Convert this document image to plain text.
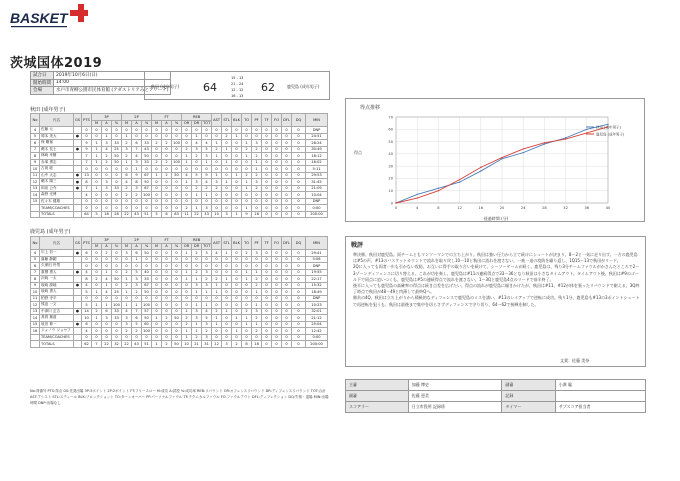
BASKET
茨城国体2019
試合日	2019年10月6日(日)
開始時間	14:00
会場	水戸市青柳公園市民体育館 (アダストリアみとアリーナ)
秋田 (成年男子) 64
15 - 13
21 - 24
12 - 12
16 - 13
62	鹿児島 (成年男子)
秋田 (成年男子)
No	氏名	GS	PTS	3P			2P			FT			REB			AST	STL	BLK	TO	PF	TF	FO	DFL	DQ	MIN
				M	A	%	M	A	%	M	A	%	OR	DR	TOT										
4	佐藤 元		0	0	0	0	0	0	0	0	0	0	0	0	0	0	0	0	0	0	0	0	0	0	DNP
5	岡本 美大	●	0	0	1	0	1	0	0	0	0	0	0	1	0	0	2	1	0	0	0	0	0	0	24:51
6	保 剛郁		9	1	3	33	2	6	33	2	2	100	0	4	4	1	0	0	1	3	0	0	0	0	28:24
7	鵜木 長士	●	9	1	4	25	3	7	43	0	0	0	2	3	5	2	1	0	2	2	0	0	0	0	30:49
8	林崎 幸樹		7	1	2	50	2	4	50	0	0	0	1	2	3	1	0	0	1	2	0	0	0	0	18:12
9	赤塚 勇志		7	1	2	50	1	3	33	2	2	100	1	0	1	0	1	0	0	1	0	0	0	0	16:02
10	古坂 聡		0	0	0	0	0	1	0	0	0	0	0	0	0	0	0	0	0	1	0	0	0	0	5:11
11	山中 大志	●	13	0	0	0	6	9	67	1	2	50	4	5	9	1	0	1	2	2	0	0	0	0	29:53
12	鵜木 陽三	●	8	0	3	0	4	8	50	0	0	0	1	3	4	3	1	0	1	3	0	0	0	0	31:45
13	和泉 公介	●	7	1	3	33	2	3	67	0	0	0	0	2	2	2	0	0	1	2	0	0	0	0	21:09
14	森野 光博		4	0	0	0	2	2	100	0	0	0	0	1	1	0	0	0	0	0	0	0	0	0	10:04
15	佐々木 健雄		0	0	0	0	0	0	0	0	0	0	0	0	0	0	0	0	0	0	0	0	0	0	DNP
	TEAM/COACHES		0	0	0	0	0	0	0	0	0	0	2	1	3	0	0	0	1	0	0	0	0	0	0:00
	TOTALS		64	5	18	28	22	43	51	5	6	83	11	22	33	10	3	1	9	16	0	0	0	0	200:00
鹿児島 (成年男子)
No	氏名	GS	PTS	3P			2P			FT			REB			AST	STL	BLK	TO	PF	TF	FO	DFL	DQ	MIN
				M	A	%	M	A	%	M	A	%	OR	DR	TOT										
4	川上 信一	●	6	0	2	0	3	6	50	0	0	0	1	2	3	4	1	0	2	3	0	0	0	0	29:41
5	落藤 静嗣		0	0	0	0	0	1	0	0	0	0	0	0	0	0	0	0	0	0	0	0	0	0	5:06
6	久保田 玲男		0	0	0	0	0	0	0	0	0	0	0	0	0	0	0	0	0	0	0	0	0	0	DNP
7	重栖 勇人	●	4	0	1	0	2	5	40	0	0	0	1	2	3	0	0	0	1	1	0	0	0	0	19:55
8	沢崎 一太		8	2	4	50	1	3	33	0	0	0	1	1	2	2	1	0	1	2	0	0	0	0	22:17
9	坂崎 源地	●	4	0	1	0	2	3	67	0	0	0	0	3	3	1	0	0	0	2	0	0	0	0	15:32
10	坂崎 勇人		5	1	4	25	1	2	50	0	0	0	0	1	1	1	0	0	0	1	0	0	0	0	18:49
11	柏野 寺平		0	0	0	0	0	0	0	0	0	0	0	0	0	0	0	0	0	0	0	0	0	0	DNP
12	熊迫 一文		5	1	1	100	1	1	100	0	0	0	0	1	1	0	0	0	0	1	0	0	0	0	10:23
13	中津川 玄吉	●	14	2	6	33	4	7	57	0	0	0	1	3	4	2	1	0	2	3	0	0	0	0	32:01
14	髙賀 雄道		10	1	3	33	3	6	50	1	2	50	2	3	5	1	0	1	1	2	0	0	0	0	21:12
15	坂田 伸一	●	6	0	0	0	3	5	60	0	0	0	2	1	3	1	0	0	1	1	0	0	0	0	25:04
16	ジョノウ ジョセフ		4	0	0	0	2	2	100	0	0	0	1	1	2	0	0	1	0	2	0	0	0	0	12:42
	TEAM/COACHES		0	0	0	0	0	0	0	0	0	0	1	2	3	0	0	0	0	0	0	0	0	0	0:00
	TOTALS		62	7	22	32	22	43	51	1	2	50	10	21	31	12	3	2	8	18	0	0	0	0	200:00
得点推移
0
10
20
30
40
50
60
70
0	4	8	12	16	20	24	28	32	36	40
経過時間 (分)
得点
秋田 (成年男子)
鹿児島 (成年男子)
戦評

準決勝、秋田対鹿児島。両チームともマンツーマンでの立ち上がり。秋田は強い圧力から立て続けにシュートが決まり、8ー2と一気に走り出す。一方の鹿児島は#5の声、#13のバスケットカウントで流れを取り戻し10ー10と秋田に流れを渡さない。一進一退の攻防を繰り返し、1Q15ー13で秋田がリード。

2Qに入っても両者一歩も引かない攻防。お互いに得手の取り合いを続けて、シーソーゲームが続く。鹿児島は、残り3分チームファウルがかさんだところで2ー3ゾーンディフェンスに切り替える。これが功を奏し、鹿児島は#11の連続得点で33ー36となり秋田は小さなタイムアウト。タイムアウト後、秋田は#9のゴール下で同点に追いつくも、鹿児島は#5の連続得点で流れを渡さない。1ー3Qと鹿児島4点のリードで前半終了。

後半に入っても鹿児島の高確率の得点は続き点差を広げたい。得点の流れが鹿児島に傾きかけたが、秋田は#11、#12が体を張ったリバウンドで耐える。3Q終了時点で秋田が48ー49と肉薄して最終Qへ。

勝負の4Q、秋田は立ち上がりから積極的なディフェンスで鹿児島のミスを誘い、#13のレイアップで逆転に成功。残り1分、鹿児島も#13の3ポイントシュートで再逆転を狙うも、秋田は最後まで集中を切らさずディフェンスで守り切り、64ー62で接戦を制した。

文責：佐藤 美奈
主審	加藤 博史	副審	小澤 聡
副審	佐藤 恵美	記録	
スコアラー	日立市役所 記録係	タイマー	サブスコア担当者
No:背番号 PTS:得点 GS:先発出場 3P:3ポイント 2P:2ポイント FT:フリースロー M:成功 A:試投 %:成功率 REB:リバウンド OR:オフェンスリバウンド DR:ディフェンスリバウンド TOT:合計 AST:アシスト STL:スティール BLK:ブロックショット TO:ターンオーバー PF:パーソナルファウル TF:テクニカルファウル FO:ファウルアウト DFL:ディフレクション DQ:失格・退場 MIN:出場時間 DNP:出場なし
